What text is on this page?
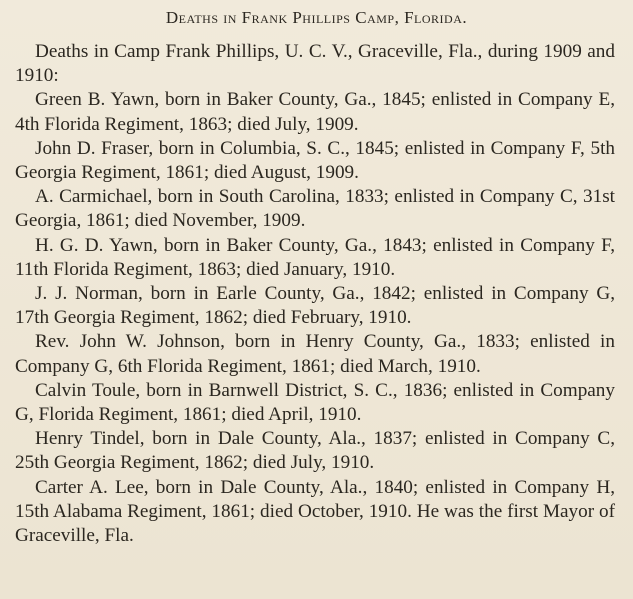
Deaths in Frank Phillips Camp, Florida.

Deaths in Camp Frank Phillips, U. C. V., Graceville, Fla., during 1909 and 1910:

Green B. Yawn, born in Baker County, Ga., 1845; enlisted in Company E, 4th Florida Regiment, 1863; died July, 1909.

John D. Fraser, born in Columbia, S. C., 1845; enlisted in Company F, 5th Georgia Regiment, 1861; died August, 1909.

A. Carmichael, born in South Carolina, 1833; enlisted in Company C, 31st Georgia, 1861; died November, 1909.

H. G. D. Yawn, born in Baker County, Ga., 1843; enlisted in Company F, 11th Florida Regiment, 1863; died January, 1910.

J. J. Norman, born in Earle County, Ga., 1842; enlisted in Company G, 17th Georgia Regiment, 1862; died February, 1910.

Rev. John W. Johnson, born in Henry County, Ga., 1833; enlisted in Company G, 6th Florida Regiment, 1861; died March, 1910.

Calvin Toule, born in Barnwell District, S. C., 1836; enlisted in Company G, Florida Regiment, 1861; died April, 1910.

Henry Tindel, born in Dale County, Ala., 1837; enlisted in Company C, 25th Georgia Regiment, 1862; died July, 1910.

Carter A. Lee, born in Dale County, Ala., 1840; enlisted in Company H, 15th Alabama Regiment, 1861; died October, 1910. He was the first Mayor of Graceville, Fla.
